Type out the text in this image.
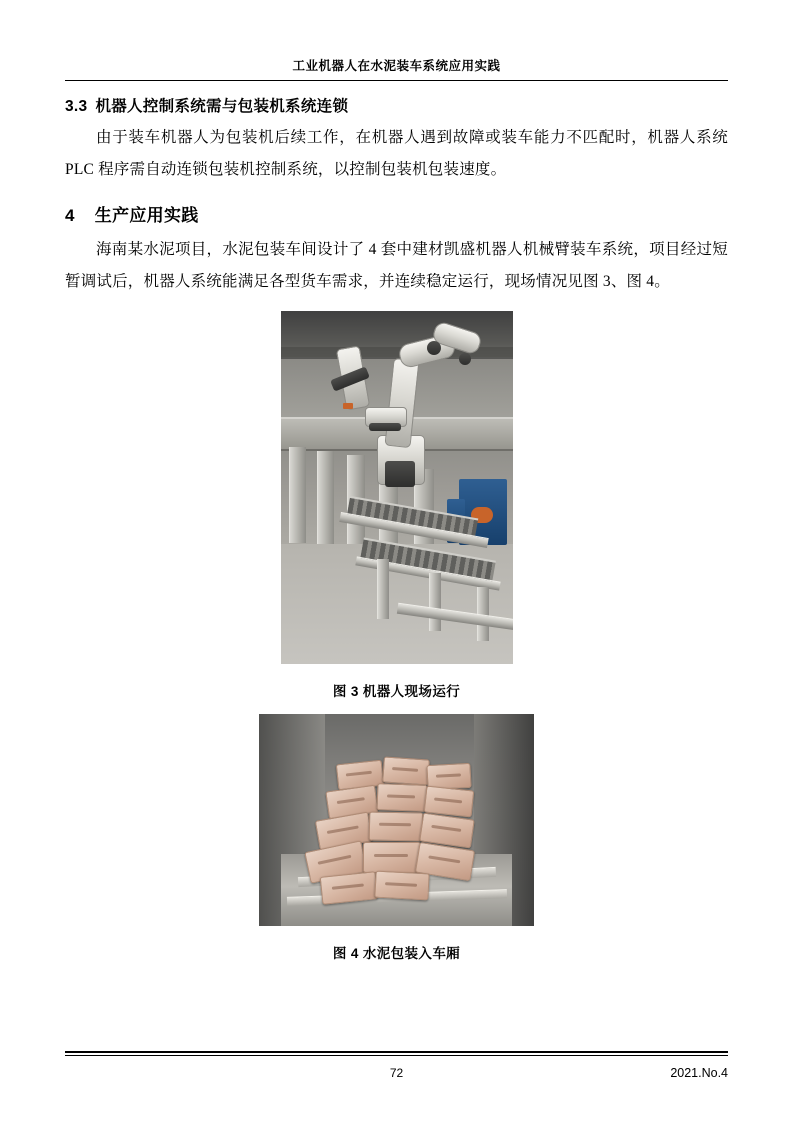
工业机器人在水泥装车系统应用实践
3.3 机器人控制系统需与包装机系统连锁

由于装车机器人为包装机后续工作，在机器人遇到故障或装车能力不匹配时，机器人系统 PLC 程序需自动连锁包装机控制系统，以控制包装机包装速度。

4 生产应用实践

海南某水泥项目，水泥包装车间设计了 4 套中建材凯盛机器人机械臂装车系统，项目经过短暂调试后，机器人系统能满足各型货车需求，并连续稳定运行，现场情况见图 3、图 4。

图 3 机器人现场运行
图 4 水泥包装入车厢
72	2021.No.4
